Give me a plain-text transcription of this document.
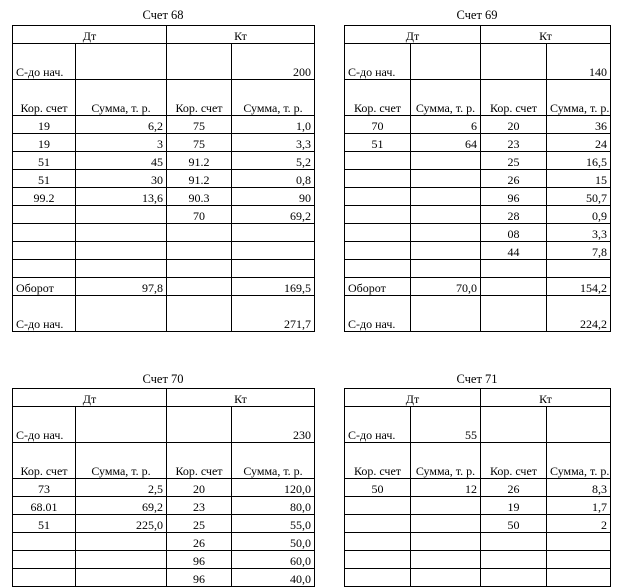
Счет 68
Дт		Кт	
С-до нач.			200
Кор. счет	Сумма, т. р.	Кор. счет	Сумма, т. р.
19	6,2	75	1,0
19	3	75	3,3
51	45	91.2	5,2
51	30	91.2	0,8
99.2	13,6	90.3	90
		70	69,2

Оборот	97,8		169,5
С-до нач.			271,7
Счет 69
Дт		Кт	
С-до нач.			140
Кор. счет	Сумма, т. р.	Кор. счет	Сумма, т. р.
70	6	20	36
51	64	23	24
		25	16,5
		26	15
		96	50,7
		28	0,9
		08	3,3
		44	7,8

Оборот	70,0		154,2
С-до нач.			224,2
Счет 70
Дт		Кт	
С-до нач.			230
Кор. счет	Сумма, т. р.	Кор. счет	Сумма, т. р.
73	2,5	20	120,0
68.01	69,2	23	80,0
51	225,0	25	55,0
		26	50,0
		96	60,0
		96	40,0
Счет 71
Дт		Кт	
С-до нач.	55		
Кор. счет	Сумма, т. р.	Кор. счет	Сумма, т. р.
50	12	26	8,3
		19	1,7
		50	2
